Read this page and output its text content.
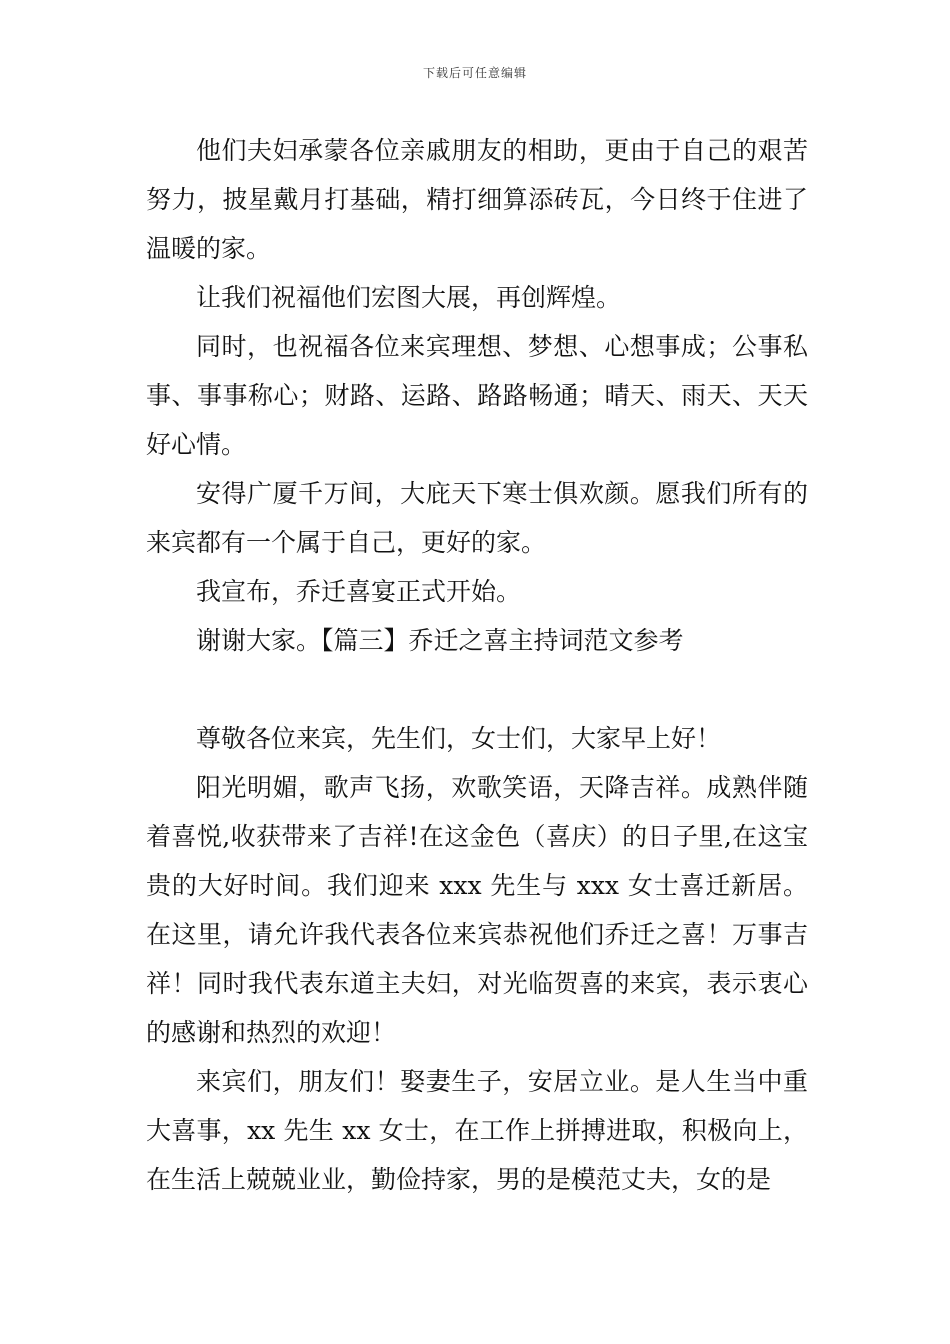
下载后可任意编辑

他们夫妇承蒙各位亲戚朋友的相助，更由于自己的艰苦努力，披星戴月打基础，精打细算添砖瓦，今日终于住进了温暖的家。

让我们祝福他们宏图大展，再创辉煌。

同时，也祝福各位来宾理想、梦想、心想事成；公事私事、事事称心；财路、运路、路路畅通；晴天、雨天、天天好心情。

安得广厦千万间，大庇天下寒士俱欢颜。愿我们所有的来宾都有一个属于自己，更好的家。

我宣布，乔迁喜宴正式开始。

谢谢大家。【篇三】乔迁之喜主持词范文参考

尊敬各位来宾，先生们，女士们，大家早上好！

阳光明媚，歌声飞扬，欢歌笑语，天降吉祥。成熟伴随着喜悦,收获带来了吉祥!在这金色（喜庆）的日子里,在这宝贵的大好时间。我们迎来 xxx 先生与 xxx 女士喜迁新居。在这里，请允许我代表各位来宾恭祝他们乔迁之喜！万事吉祥！同时我代表东道主夫妇，对光临贺喜的来宾，表示衷心的感谢和热烈的欢迎！

来宾们，朋友们！娶妻生子，安居立业。是人生当中重大喜事，xx 先生 xx 女士，在工作上拼搏进取，积极向上，在生活上兢兢业业，勤俭持家，男的是模范丈夫，女的是
